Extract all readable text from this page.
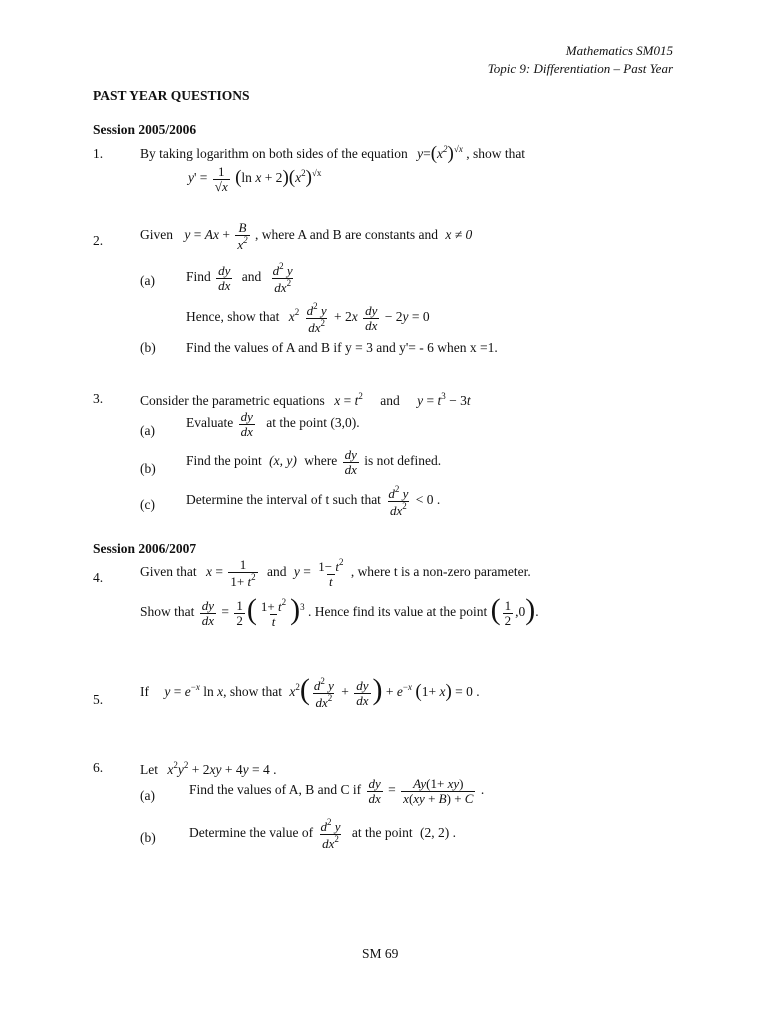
Mathematics SM015
Topic 9: Differentiation – Past Year
PAST YEAR QUESTIONS
Session 2005/2006
1.	By taking logarithm on both sides of the equation $y=(x^2)^{√x}$ , show that
$y' = \frac{1}{√x} (\ln$ $x + 2)(x^2)^{√x}$
2.	Given $y = Ax + \frac{B}{x^2}$ , where A and B are constants and x ≠ 0
(a) Find $\frac{dy}{dx}$ and $\frac{d^2 y}{dx^2}$
Hence, show that $x^2 \frac{d^2 y}{dx^2} + 2x \frac{dy}{dx} - 2y = 0$
(b) Find the values of A and B if y = 3 and y'= - 6 when x =1.
3.	Consider the parametric equations $x = t^2$ and $y = t^3 - 3t$
(a)
Evaluate $\frac{dy}{dx}$ at the point (3,0).
(b)
Find the point (x, y) where $\frac{dy}{dx}$ is not defined.
(c) Determine the interval of t such that $\frac{d^2 y}{dx^2} < 0$ .
Session 2006/2007
4.	Given that $x = \frac{1}{1+ t^2}$ and $y = \frac{1- t^2}{t}$ , where t is a non-zero parameter.
Show that $\frac{dy}{dx} = \frac{1}{2}$ ( $\frac{1+ t^2}{t} )^3$ . Hence find its value at the point ( $\frac{1}{2} ,0$).
5.
If $y = e^{-x}$ ln x, show that $x^2( \frac{d^2 y}{dx^2} + \frac{dy}{dx}$ ) + $e^{-x}$ (1+ x) = 0 .
6.	Let $x^2y^2 + 2xy + 4y = 4$ .
(a)	Find the values of A, B and C if $\frac{dy}{dx} = \frac{Ay(1+ xy)}{x(xy + B) + C}$ .
(b) Determine the value of $\frac{d^2 y}{dx^2}$ at the point (2, 2) .
SM 69
